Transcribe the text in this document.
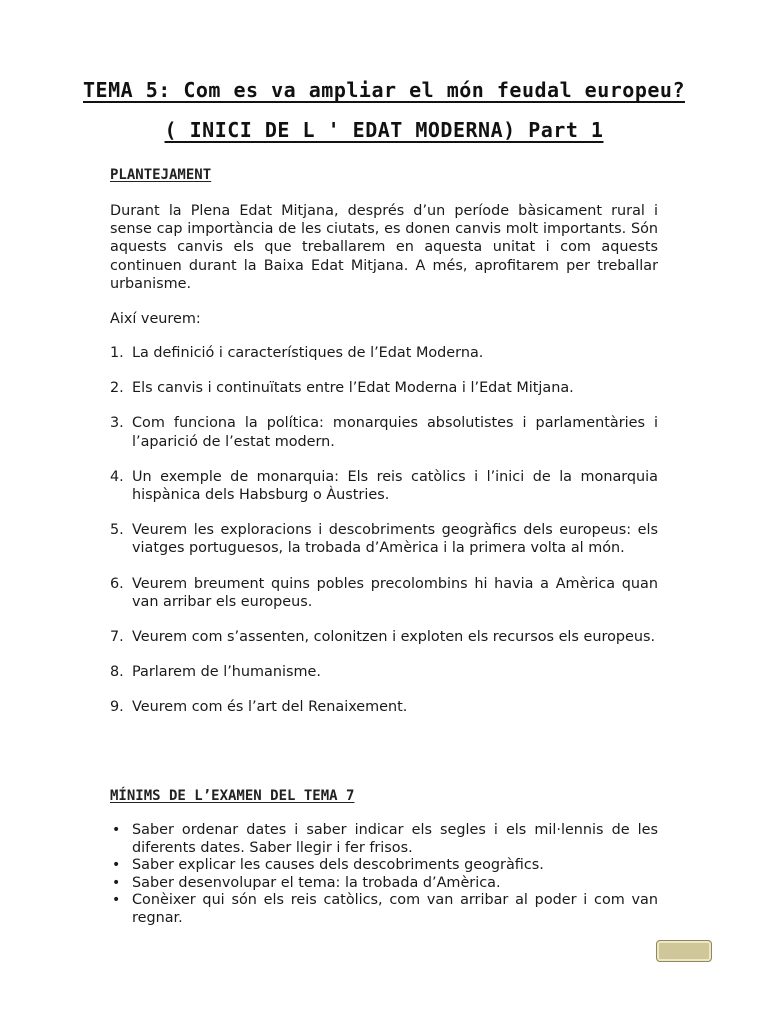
TEMA 5: Com es va ampliar el món feudal europeu?
( INICI DE L ' EDAT MODERNA) Part 1
PLANTEJAMENT

Durant la Plena Edat Mitjana, després d’un període bàsicament rural i sense cap importància de les ciutats, es donen canvis molt importants. Són aquests canvis els que treballarem en aquesta unitat i com aquests continuen durant la Baixa Edat Mitjana. A més, aprofitarem per treballar urbanisme.

Així veurem:

1. La definició i característiques de l’Edat Moderna.
2. Els canvis i continuïtats entre l’Edat Moderna i l’Edat Mitjana.
3. Com funciona la política: monarquies absolutistes i parlamentàries i l’aparició de l’estat modern.
4. Un exemple de monarquia: Els reis catòlics i l’inici de la monarquia hispànica dels Habsburg o Àustries.
5. Veurem les exploracions i descobriments geogràfics dels europeus: els viatges portuguesos, la trobada d’Amèrica i la primera volta al món.
6. Veurem breument quins pobles precolombins hi havia a Amèrica quan van arribar els europeus.
7. Veurem com s’assenten, colonitzen i exploten els recursos els europeus.
8. Parlarem de l’humanisme.
9. Veurem com és l’art del Renaixement.
MÍNIMS DE L’EXAMEN DEL TEMA 7
• Saber ordenar dates i saber indicar els segles i els mil·lennis de les diferents dates. Saber llegir i fer frisos.
• Saber explicar les causes dels descobriments geogràfics.
• Saber desenvolupar el tema: la trobada d’Amèrica.
• Conèixer qui són els reis catòlics, com van arribar al poder i com van regnar.
